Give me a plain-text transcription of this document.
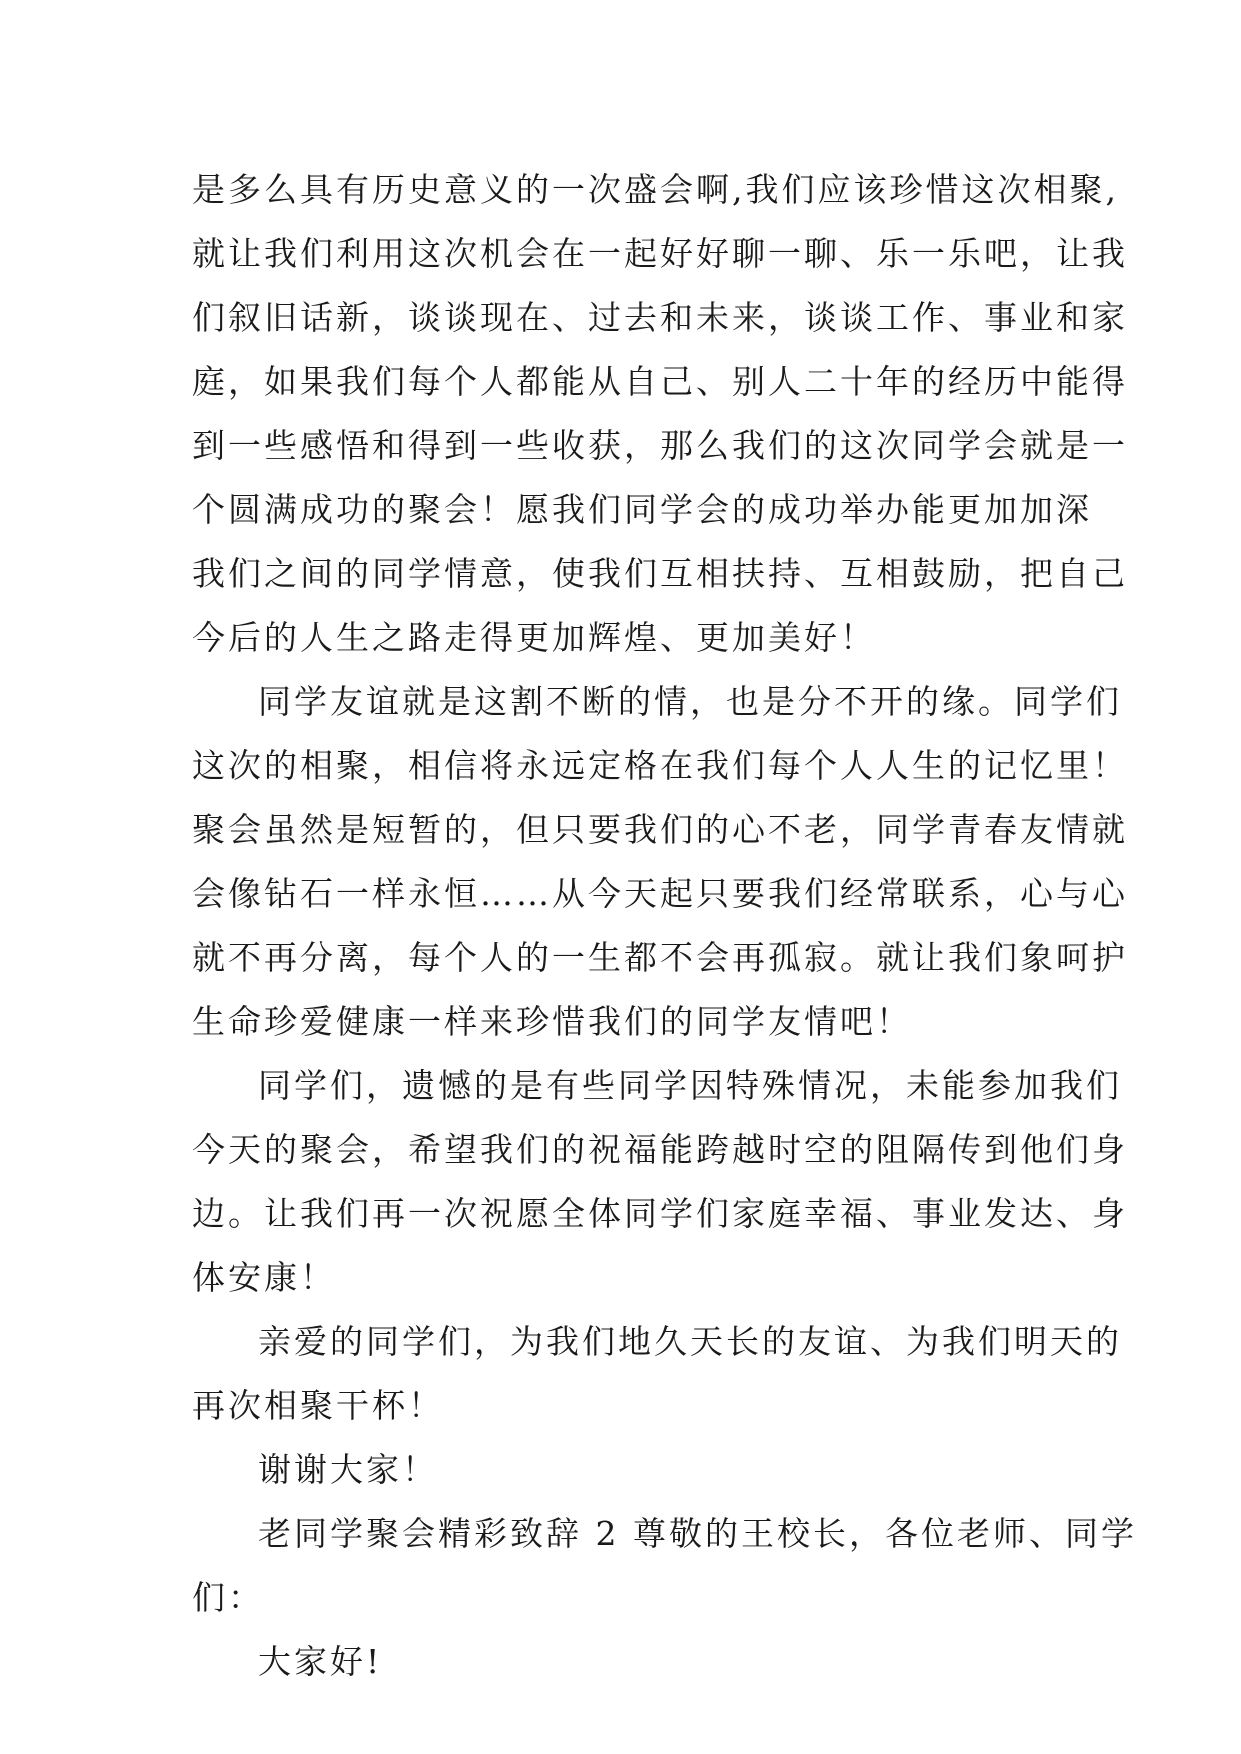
是多么具有历史意义的一次盛会啊,我们应该珍惜这次相聚,
就让我们利用这次机会在一起好好聊一聊、乐一乐吧，让我
们叙旧话新，谈谈现在、过去和未来，谈谈工作、事业和家
庭，如果我们每个人都能从自己、别人二十年的经历中能得
到一些感悟和得到一些收获，那么我们的这次同学会就是一
个圆满成功的聚会！愿我们同学会的成功举办能更加加深
我们之间的同学情意，使我们互相扶持、互相鼓励，把自己
今后的人生之路走得更加辉煌、更加美好！
同学友谊就是这割不断的情，也是分不开的缘。同学们
这次的相聚，相信将永远定格在我们每个人人生的记忆里！
聚会虽然是短暂的，但只要我们的心不老，同学青春友情就
会像钻石一样永恒……从今天起只要我们经常联系，心与心
就不再分离，每个人的一生都不会再孤寂。就让我们象呵护
生命珍爱健康一样来珍惜我们的同学友情吧！
同学们，遗憾的是有些同学因特殊情况，未能参加我们
今天的聚会，希望我们的祝福能跨越时空的阻隔传到他们身
边。让我们再一次祝愿全体同学们家庭幸福、事业发达、身
体安康！
亲爱的同学们，为我们地久天长的友谊、为我们明天的
再次相聚干杯！
谢谢大家！
老同学聚会精彩致辞 2 尊敬的王校长，各位老师、同学
们：
大家好!
